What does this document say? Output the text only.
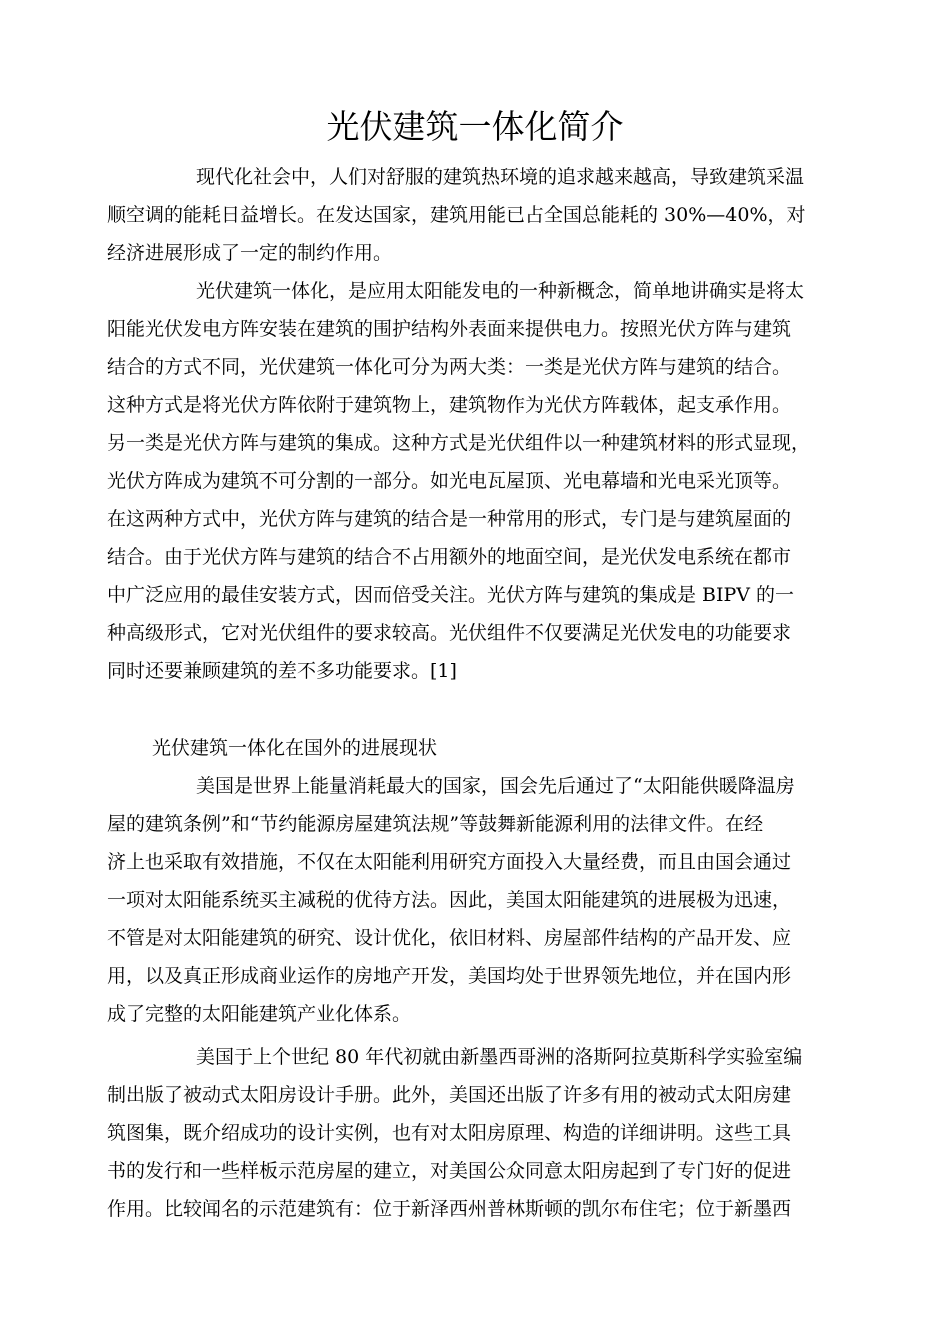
光伏建筑一体化简介

现代化社会中，人们对舒服的建筑热环境的追求越来越高，导致建筑采温

顺空调的能耗日益增长。在发达国家，建筑用能已占全国总能耗的 30%—40%，对

经济进展形成了一定的制约作用。

光伏建筑一体化，是应用太阳能发电的一种新概念，简单地讲确实是将太

阳能光伏发电方阵安装在建筑的围护结构外表面来提供电力。按照光伏方阵与建筑

结合的方式不同，光伏建筑一体化可分为两大类：一类是光伏方阵与建筑的结合。

这种方式是将光伏方阵依附于建筑物上，建筑物作为光伏方阵载体，起支承作用。

另一类是光伏方阵与建筑的集成。这种方式是光伏组件以一种建筑材料的形式显现，

光伏方阵成为建筑不可分割的一部分。如光电瓦屋顶、光电幕墙和光电采光顶等。

在这两种方式中，光伏方阵与建筑的结合是一种常用的形式，专门是与建筑屋面的

结合。由于光伏方阵与建筑的结合不占用额外的地面空间，是光伏发电系统在都市

中广泛应用的最佳安装方式，因而倍受关注。光伏方阵与建筑的集成是 BIPV 的一

种高级形式，它对光伏组件的要求较高。光伏组件不仅要满足光伏发电的功能要求

同时还要兼顾建筑的差不多功能要求。[1]

光伏建筑一体化在国外的进展现状

美国是世界上能量消耗最大的国家，国会先后通过了“太阳能供暖降温房

屋的建筑条例”和“节约能源房屋建筑法规”等鼓舞新能源利用的法律文件。在经

济上也采取有效措施，不仅在太阳能利用研究方面投入大量经费，而且由国会通过

一项对太阳能系统买主减税的优待方法。因此，美国太阳能建筑的进展极为迅速，

不管是对太阳能建筑的研究、设计优化，依旧材料、房屋部件结构的产品开发、应

用，以及真正形成商业运作的房地产开发，美国均处于世界领先地位，并在国内形

成了完整的太阳能建筑产业化体系。

美国于上个世纪 80 年代初就由新墨西哥洲的洛斯阿拉莫斯科学实验室编

制出版了被动式太阳房设计手册。此外，美国还出版了许多有用的被动式太阳房建

筑图集，既介绍成功的设计实例，也有对太阳房原理、构造的详细讲明。这些工具

书的发行和一些样板示范房屋的建立，对美国公众同意太阳房起到了专门好的促进

作用。比较闻名的示范建筑有：位于新泽西州普林斯顿的凯尔布住宅；位于新墨西
